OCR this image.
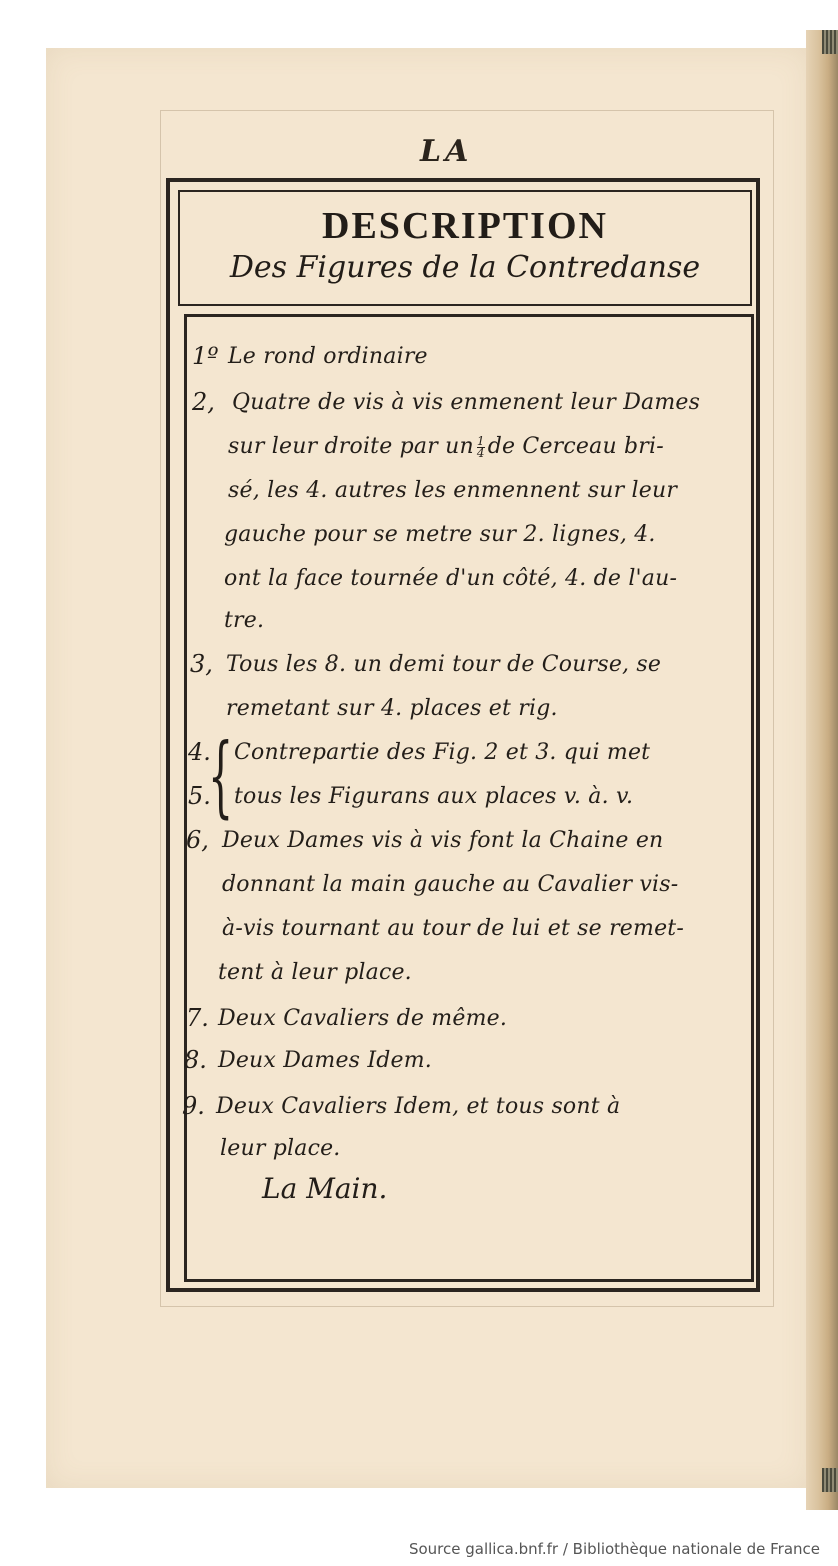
LA
DESCRIPTION
Des Figures de la Contredanse
1º
2,
3,
4.
5.
6,
7.
8.
9.
{
Le rond ordinaire
Quatre de vis à vis enmenent leur Dames
sur leur droite par un $\frac{1}{4}$ de Cerceau bri-
sé, les 4. autres les enmennent sur leur
gauche pour se metre sur 2. lignes, 4.
ont la face tournée d'un côté, 4. de l'au-
tre.
Tous les 8. un demi tour de Course, se
remetant sur 4. places et rig.
Contrepartie des Fig. 2 et 3. qui met
tous les Figurans aux places v. à. v.
Deux Dames vis à vis font la Chaine en
donnant la main gauche au Cavalier vis-
à-vis tournant au tour de lui et se remet-
tent à leur place.
Deux Cavaliers de même.
Deux Dames Idem.
Deux Cavaliers Idem, et tous sont à
leur place.
La Main.
Source gallica.bnf.fr / Bibliothèque nationale de France
